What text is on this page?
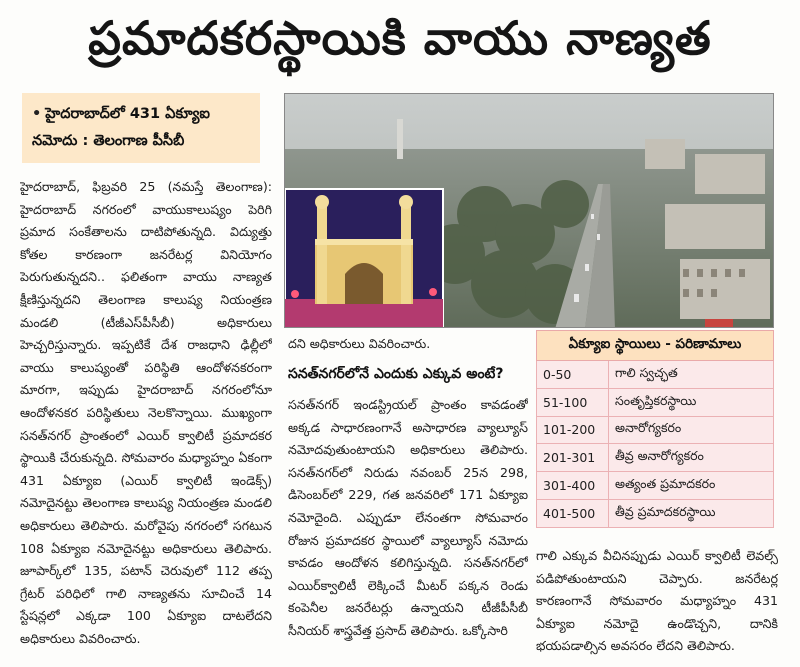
ప్రమాదకరస్థాయికి వాయు నాణ్యత
• హైదరాబాద్‌లో 431 ఏక్యూఐ నమోదు : తెలంగాణ పీసీబీ
హైదరాబాద్, ఫిబ్రవరి 25 (నమస్తే తెలంగాణ): హైదరాబాద్ నగరంలో వాయుకాలుష్యం పెరిగి ప్రమాద సంకేతాలను దాటిపోతున్నది. విద్యుత్తు కోతల కారణంగా జనరేటర్ల వినియోగం పెరుగుతున్నదని.. ఫలితంగా వాయు నాణ్యత క్షీణిస్తున్నదని తెలంగాణ కాలుష్య నియంత్రణ మండలి (టీజీఎస్‌పీసీబీ) అధికారులు హెచ్చరిస్తున్నారు. ఇప్పటికే దేశ రాజధాని ఢిల్లీలో వాయు కాలుష్యంతో పరిస్థితి ఆందోళనకరంగా మారగా, ఇప్పుడు హైదరాబాద్ నగరంలోనూ ఆందోళనకర పరిస్థితులు నెలకొన్నాయి. ముఖ్యంగా సనత్‌నగర్ ప్రాంతంలో ఎయిర్ క్వాలిటీ ప్రమాదకర స్థాయికి చేరుకున్నది. సోమవారం మధ్యాహ్నం ఏకంగా 431 ఏక్యూఐ (ఎయిర్ క్వాలిటీ ఇండెక్స్) నమోదైనట్టు తెలంగాణ కాలుష్య నియంత్రణ మండలి అధికారులు తెలిపారు. మరోవైపు నగరంలో సగటున 108 ఏక్యూఐ నమోదైనట్టు అధికారులు తెలిపారు. జూపార్క్‌లో 135, పటాన్ చెరువులో 112 తప్ప గ్రేటర్ పరిధిలో గాలి నాణ్యతను సూచించే 14 స్టేషన్లలో ఎక్కడా 100 ఏక్యూఐ దాటలేదని అధికారులు వివరించారు.
దని అధికారులు వివరించారు.
సనత్‌నగర్‌లోనే ఎందుకు ఎక్కువ అంటే?
సనత్‌నగర్ ఇండస్ట్రియల్ ప్రాంతం కావడంతో అక్కడ సాధారణంగానే అసాధారణ వ్యాల్యూస్ నమోదవుతుంటాయని అధికారులు తెలిపారు. సనత్‌నగర్‌లో నిరుడు నవంబర్ 25న 298, డిసెంబర్‌లో 229, గత జనవరిలో 171 ఏక్యూఐ నమోదైంది. ఎప్పుడూ లేనంతగా సోమవారం రోజున ప్రమాదకర స్థాయిలో వ్యాల్యూస్ నమోదు కావడం ఆందోళన కలిగిస్తున్నది. సనత్‌నగర్‌లో ఎయిర్‌క్వాలిటీ లెక్కించే మీటర్ పక్కన రెండు కంపెనీల జనరేటర్లు ఉన్నాయని టీజీపీసీబీ సీనియర్ శాస్త్రవేత్త ప్రసాద్ తెలిపారు. ఒక్కోసారి
ఏక్యూఐ స్థాయిలు - పరిణామాలు	
0-50	గాలి స్వచ్ఛత
51-100	సంతృప్తికరస్థాయి
101-200	అనారోగ్యకరం
201-301	తీవ్ర అనారోగ్యకరం
301-400	అత్యంత ప్రమాదకరం
401-500	తీవ్ర ప్రమాదకరస్థాయి
గాలి ఎక్కువ వీచినప్పుడు ఎయిర్ క్వాలిటీ లెవల్స్ పడిపోతుంటాయని చెప్పారు. జనరేటర్ల కారణంగానే సోమవారం మధ్యాహ్నం 431 ఏక్యూఐ నమోదై ఉండొచ్చని, దానికి భయపడాల్సిన అవసరం లేదని తెలిపారు.
